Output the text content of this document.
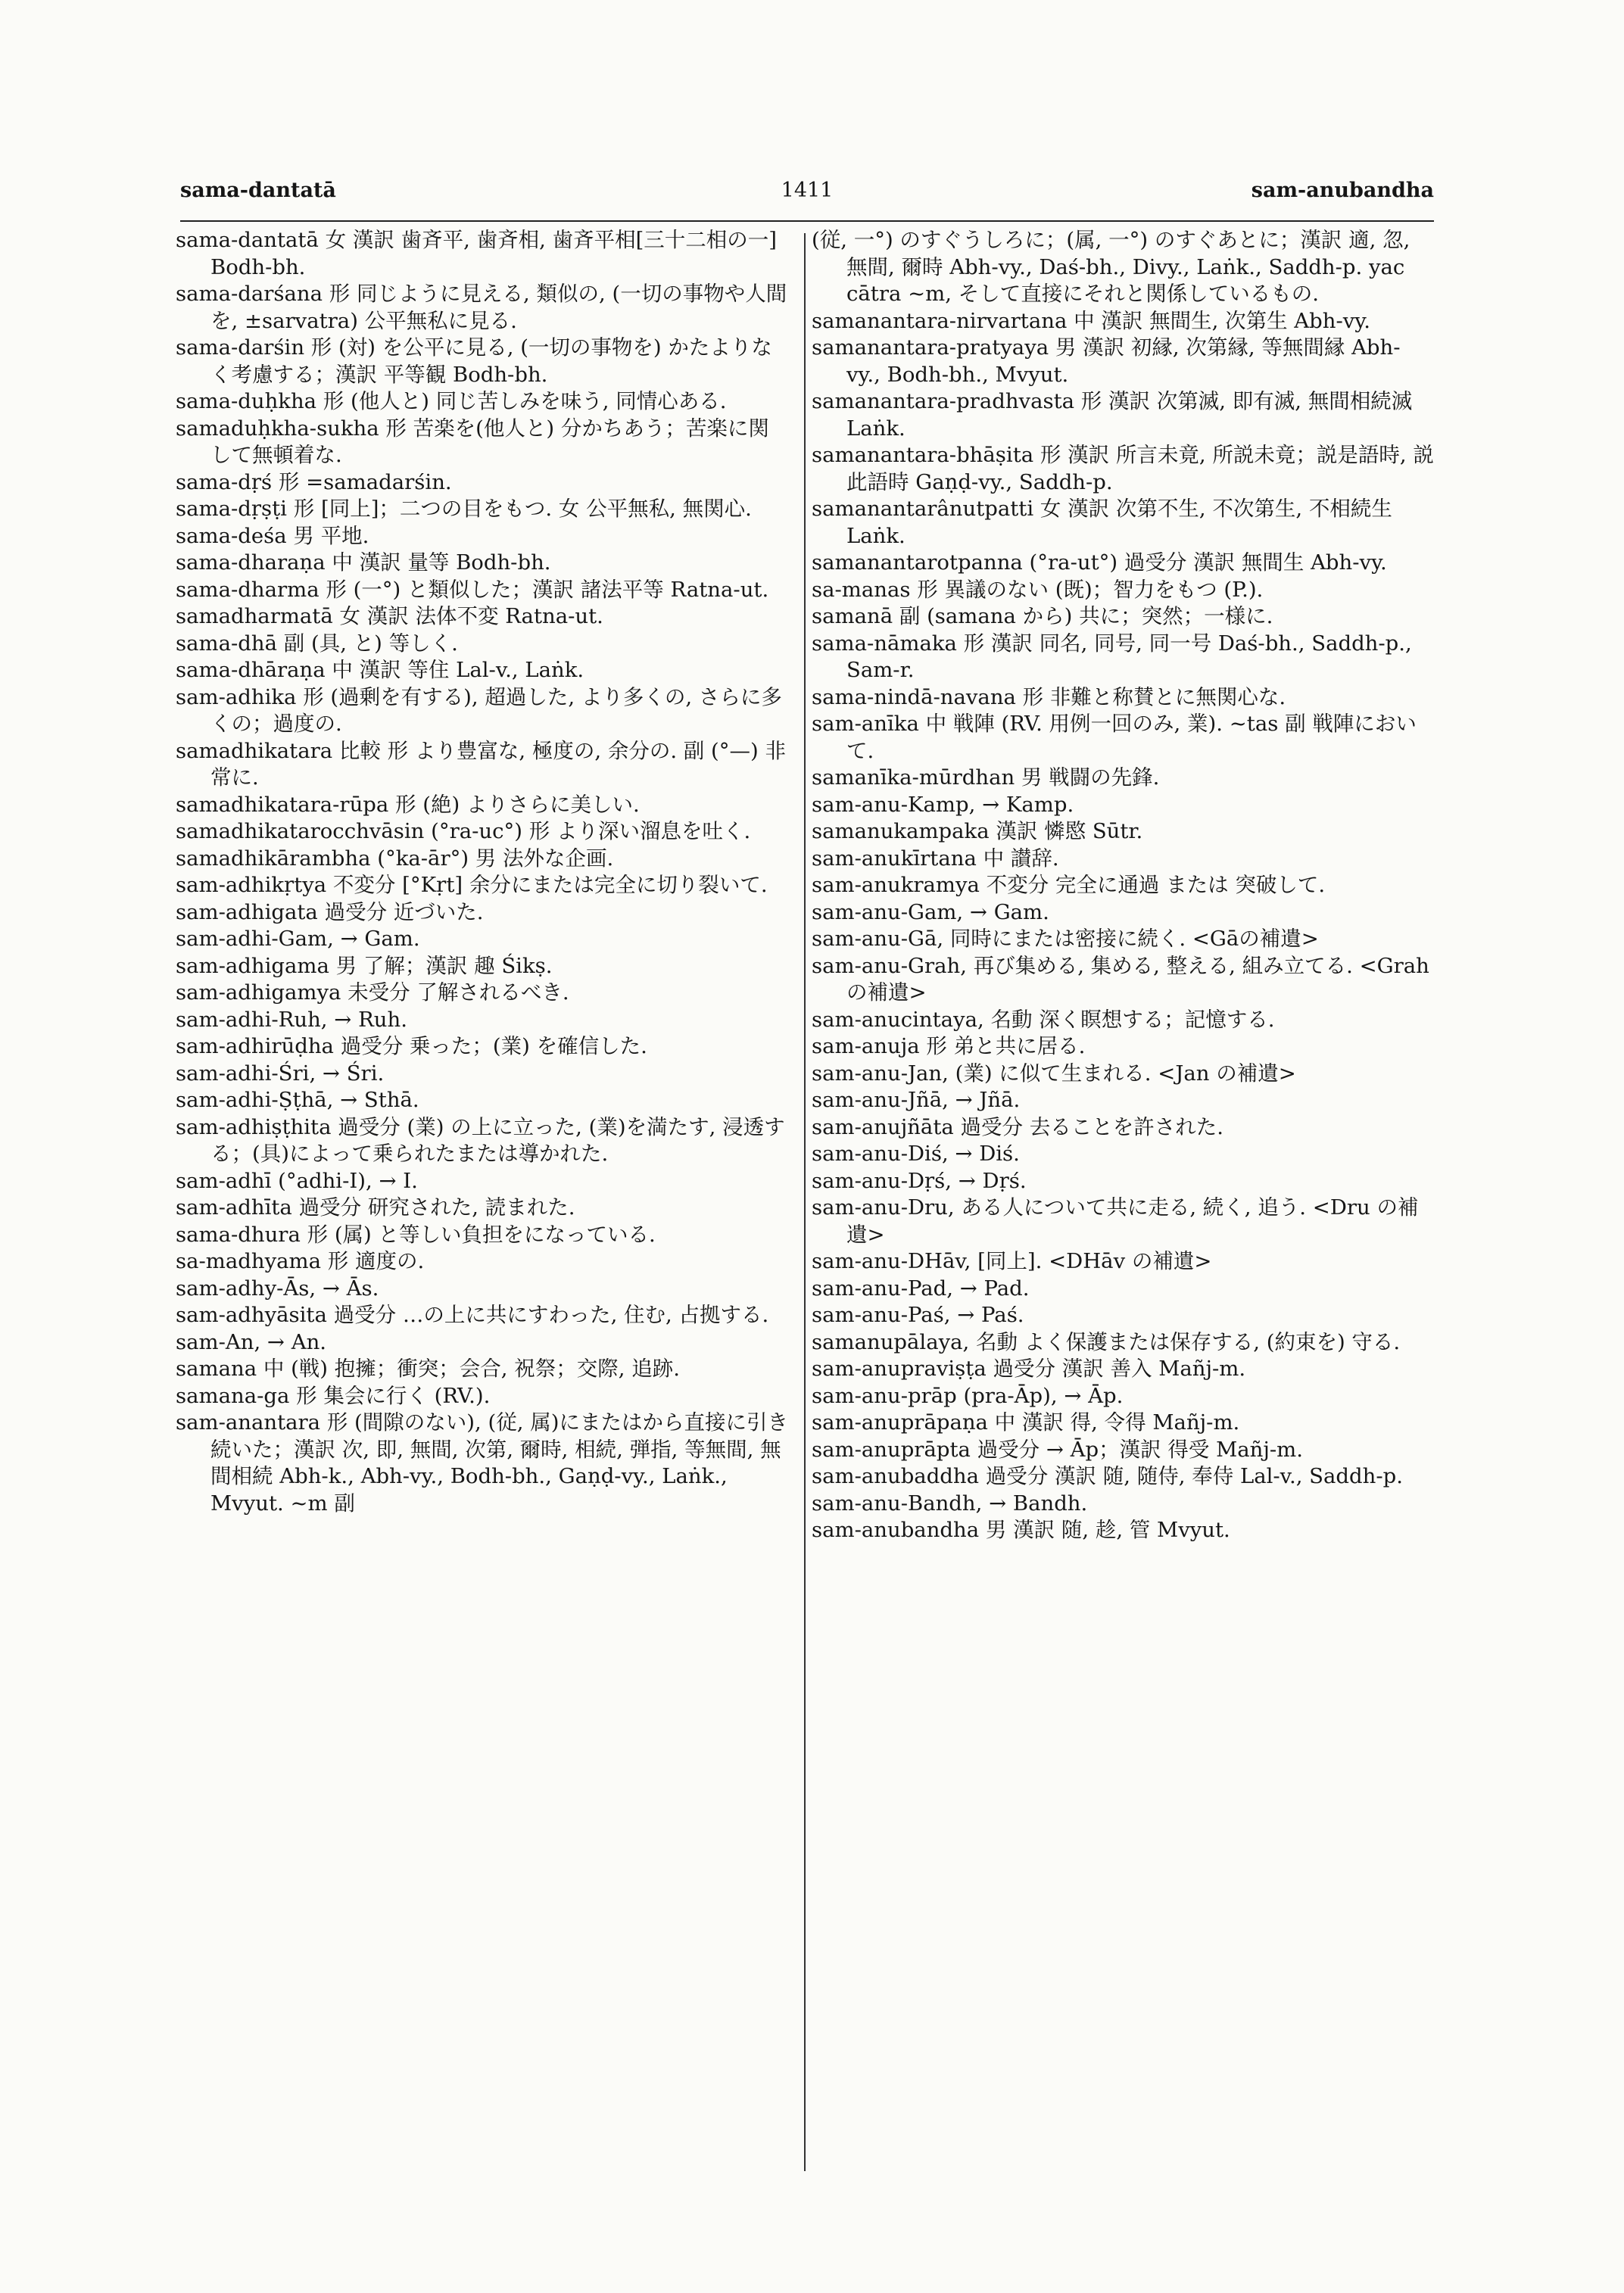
1411
sama-dantatā	sam-anubandha

sama-dantatā 女 漢訳 歯斉平, 歯斉相, 歯斉平相[三十二相の一] Bodh-bh.

sama-darśana 形 同じように見える, 類似の, (一切の事物や人間を, ±sarvatra) 公平無私に見る.

sama-darśin 形 (対) を公平に見る, (一切の事物を) かたよりなく考慮する；漢訳 平等観 Bodh-bh.

sama-duḥkha 形 (他人と) 同じ苦しみを味う, 同情心ある.

samaduḥkha-sukha 形 苦楽を(他人と) 分かちあう；苦楽に関して無頓着な.

sama-dṛś 形 =samadarśin.

sama-dṛṣṭi 形 [同上]；二つの目をもつ. 女 公平無私, 無関心.

sama-deśa 男 平地.

sama-dharaṇa 中 漢訳 量等 Bodh-bh.

sama-dharma 形 (一°) と類似した；漢訳 諸法平等 Ratna-ut.

samadharmatā 女 漢訳 法体不変 Ratna-ut.

sama-dhā 副 (具, と) 等しく.

sama-dhāraṇa 中 漢訳 等住 Lal-v., Laṅk.

sam-adhika 形 (過剰を有する), 超過した, より多くの, さらに多くの；過度の.

samadhikatara 比較 形 より豊富な, 極度の, 余分の. 副 (°—) 非常に.

samadhikatara-rūpa 形 (絶) よりさらに美しい.

samadhikatarocchvāsin (°ra-uc°) 形 より深い溜息を吐く.

samadhikārambha (°ka-ār°) 男 法外な企画.

sam-adhikṛtya 不変分 [°Kṛt] 余分にまたは完全に切り裂いて.

sam-adhigata 過受分 近づいた.

sam-adhi-Gam, → Gam.

sam-adhigama 男 了解；漢訳 趣 Śikṣ.

sam-adhigamya 未受分 了解されるべき.

sam-adhi-Ruh, → Ruh.

sam-adhirūḍha 過受分 乗った；(業) を確信した.

sam-adhi-Śri, → Śri.

sam-adhi-Ṣṭhā, → Sthā.

sam-adhiṣṭhita 過受分 (業) の上に立った, (業)を満たす, 浸透する；(具)によって乗られたまたは導かれた.

sam-adhī (°adhi-I), → I.

sam-adhīta 過受分 研究された, 読まれた.

sama-dhura 形 (属) と等しい負担をになっている.

sa-madhyama 形 適度の.

sam-adhy-Ās, → Ās.

sam-adhyāsita 過受分 …の上に共にすわった, 住む, 占拠する.

sam-An, → An.

samana 中 (戦) 抱擁；衝突；会合, 祝祭；交際, 追跡.

samana-ga 形 集会に行く (RV.).

sam-anantara 形 (間隙のない), (従, 属)にまたはから直接に引き続いた；漢訳 次, 即, 無間, 次第, 爾時, 相続, 弾指, 等無間, 無間相続 Abh-k., Abh-vy., Bodh-bh., Gaṇḍ-vy., Laṅk., Mvyut. ~m 副

(従, 一°) のすぐうしろに；(属, 一°) のすぐあとに；漢訳 適, 忽, 無間, 爾時 Abh-vy., Daś-bh., Divy., Laṅk., Saddh-p. yac cātra ~m, そして直接にそれと関係しているもの.

samanantara-nirvartana 中 漢訳 無間生, 次第生 Abh-vy.

samanantara-pratyaya 男 漢訳 初縁, 次第縁, 等無間縁 Abh-vy., Bodh-bh., Mvyut.

samanantara-pradhvasta 形 漢訳 次第滅, 即有滅, 無間相続滅 Laṅk.

samanantara-bhāṣita 形 漢訳 所言未竟, 所説未竟；説是語時, 説此語時 Gaṇḍ-vy., Saddh-p.

samanantarânutpatti 女 漢訳 次第不生, 不次第生, 不相続生 Laṅk.

samanantarotpanna (°ra-ut°) 過受分 漢訳 無間生 Abh-vy.

sa-manas 形 異議のない (既)；智力をもつ (P.).

samanā 副 (samana から) 共に；突然；一様に.

sama-nāmaka 形 漢訳 同名, 同号, 同一号 Daś-bh., Saddh-p., Sam-r.

sama-nindā-navana 形 非難と称賛とに無関心な.

sam-anīka 中 戦陣 (RV. 用例一回のみ, 業). ~tas 副 戦陣において.

samanīka-mūrdhan 男 戦闘の先鋒.

sam-anu-Kamp, → Kamp.

samanukampaka 漢訳 憐愍 Sūtr.

sam-anukīrtana 中 讃辞.

sam-anukramya 不変分 完全に通過 または 突破して.

sam-anu-Gam, → Gam.

sam-anu-Gā, 同時にまたは密接に続く. <Gāの補遺>

sam-anu-Grah, 再び集める, 集める, 整える, 組み立てる. <Grah の補遺>

sam-anucintaya, 名動 深く瞑想する；記憶する.

sam-anuja 形 弟と共に居る.

sam-anu-Jan, (業) に似て生まれる. <Jan の補遺>

sam-anu-Jñā, → Jñā.

sam-anujñāta 過受分 去ることを許された.

sam-anu-Diś, → Diś.

sam-anu-Dṛś, → Dṛś.

sam-anu-Dru, ある人について共に走る, 続く, 追う. <Dru の補遺>

sam-anu-DHāv, [同上]. <DHāv の補遺>

sam-anu-Pad, → Pad.

sam-anu-Paś, → Paś.

samanupālaya, 名動 よく保護または保存する, (約束を) 守る.

sam-anupraviṣṭa 過受分 漢訳 善入 Mañj-m.

sam-anu-prāp (pra-Āp), → Āp.

sam-anuprāpaṇa 中 漢訳 得, 令得 Mañj-m.

sam-anuprāpta 過受分 → Āp；漢訳 得受 Mañj-m.

sam-anubaddha 過受分 漢訳 随, 随侍, 奉侍 Lal-v., Saddh-p.

sam-anu-Bandh, → Bandh.

sam-anubandha 男 漢訳 随, 趁, 管 Mvyut.
